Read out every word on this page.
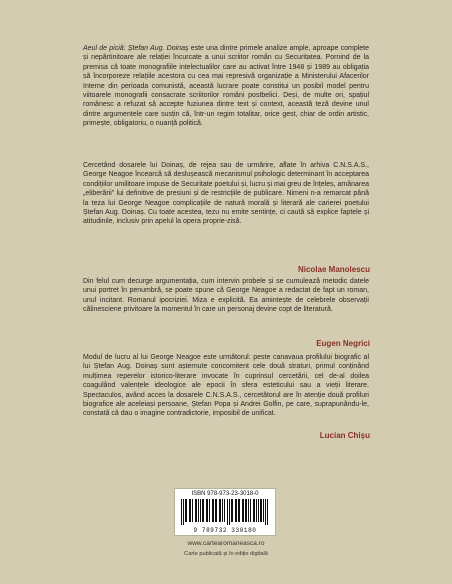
Aeul de piciă: Ștefan Aug. Doinaș este una dintre primele analize ample, aproape complete și nepărtinitoare ale relației încurcate a unui scriitor român cu Securitatea. Pornind de la premisa că toate monografiile intelectualilor care au activat între 1948 și 1989 au obligația să încorporeze relațiile acestora cu cea mai represivă organizație a Ministerului Afacerilor Interne din perioada comunistă, această lucrare poate constitui un posibil model pentru viitoarele monografii consacrate scriitorilor români postbelici. Deși, de multe ori, spațiul românesc a refuzat să accepte fuziunea dintre text și context, această teză devine unul dintre argumentele care susțin că, într-un regim totalitar, orice gest, chiar de ordin artistic, primește, obligatoriu, o nuanță politică.

Cercetând dosarele lui Doinaș, de rejea sau de urmărire, aflate în arhiva C.N.S.A.S., George Neagoe încearcă să deslușească mecanismul psihologic determinant în acceptarea condițiilor umilitoare impuse de Securitate poetului și, lucru și mai greu de înțeles, amânarea „eliberării” lui definitive de presiuni și de restricțiile de publicare. Nimeni n-a remarcat până la teza lui George Neagoe complicațiile de natură morală și literară ale carierei poetului Ștefan Aug. Doinaș. Cu toate acestea, tezu nu emite sentințe, ci caută să explice faptele și atitudinile, inclusiv prin apelul la opera proprie-zisă.

Nicolae Manolescu

Din felul cum decurge argumentația, cum intervin probele și se cumulează metodic datele unui portret în penumbră, se poate spune că George Neagoe a redactat de fapt un roman, unul incitant. Romanul ipocriziei. Miza e explicită. Ea amintește de celebrele observații călinesciene privitoare la momentul în care un personaj devine copt de literatură.

Eugen Negrici

Modul de lucru al lui George Neagoe este următorul: peste canavaua profilului biografic al lui Ștefan Aug. Doinaș sunt așternute concomitent cele două straturi, primul conținând mulțimea reperelor istorico-literare invocate în cuprinsul cercetării, cel de-al doilea coagulând valențele ideologice ale epocii în sfera esteticului sau a vieții literare. Spectaculos, având acces la dosarele C.N.S.A.S., cercetătorul are în atenție două profiluri biografice ale aceleiași persoane, Ștefan Popa și Andrei Golfin, pe care, suprapunându-le, constată că dau o imagine contradictorie, imposibil de unificat.

Lucian Chișu
ISBN 978-973-23-3018-0
9 789732 330180
www.cartearomaneasca.ro
Carte publicată și în ediție digitală
